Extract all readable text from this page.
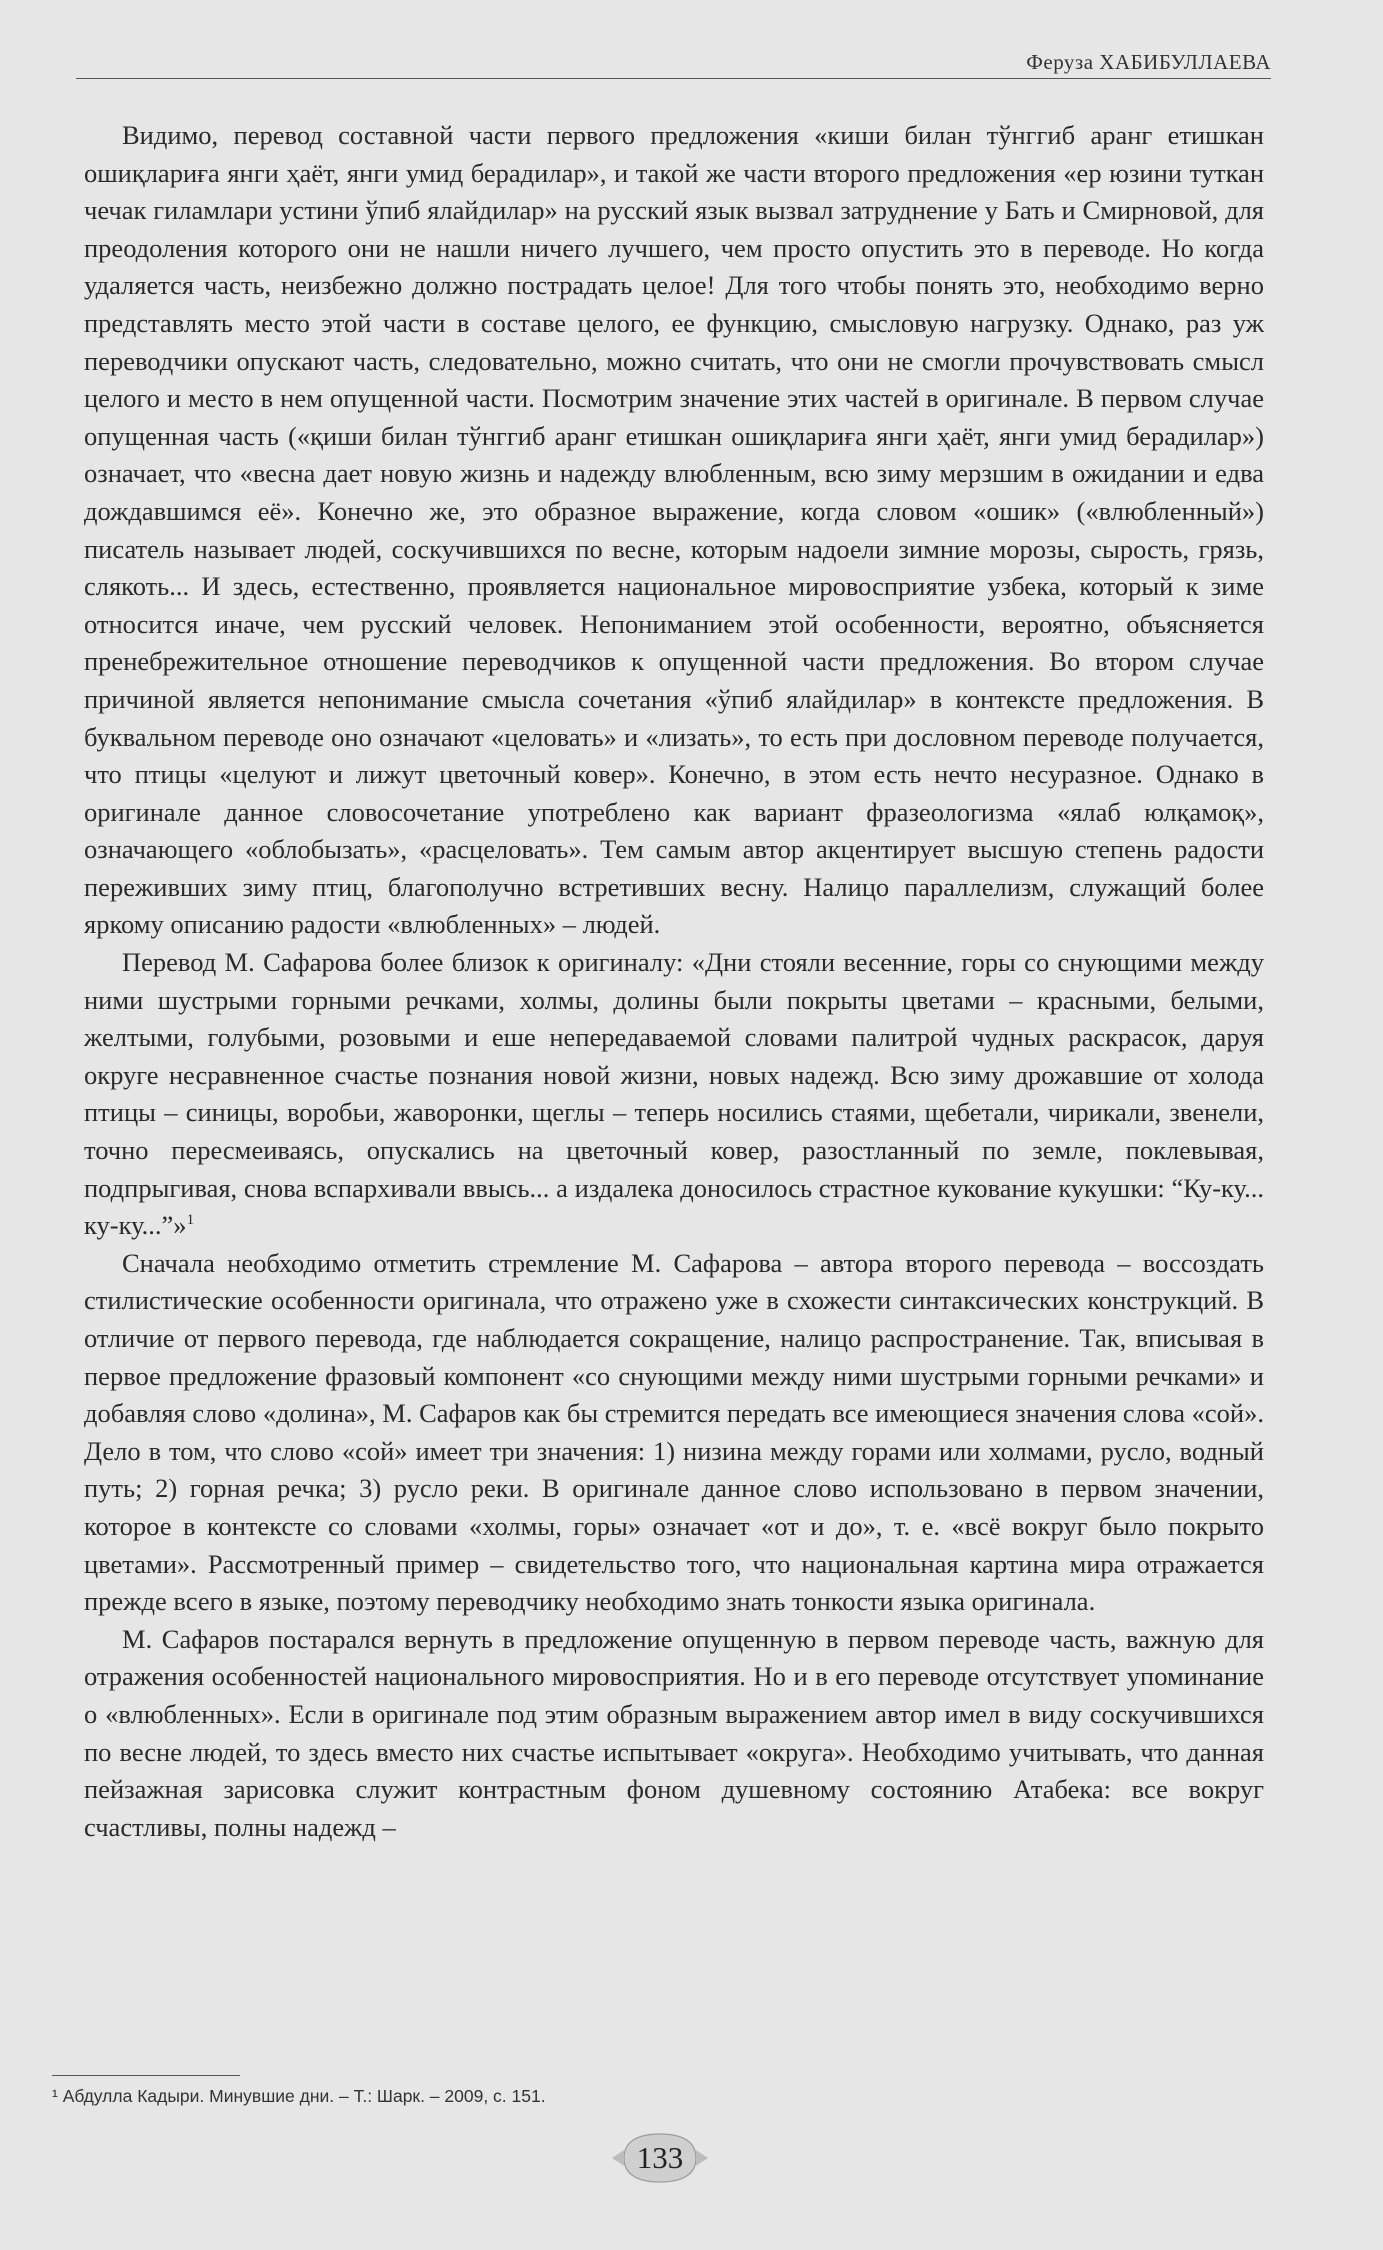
Феруза ХАБИБУЛЛАЕВА

Видимо, перевод составной части первого предложения «киши билан тўнггиб аранг етишкан ошиқлариға янги ҳаёт, янги умид берадилар», и такой же части второго предложения «ер юзини туткан чечак гиламлари устини ўпиб ялайдилар» на русский язык вызвал затруднение у Бать и Смирновой, для преодоления которого они не нашли ничего лучшего, чем просто опустить это в переводе. Но когда удаляется часть, неизбежно должно пострадать целое! Для того чтобы понять это, необходимо верно представлять место этой части в составе целого, ее функцию, смысловую нагрузку. Однако, раз уж переводчики опускают часть, следовательно, можно считать, что они не смогли прочувствовать смысл целого и место в нем опущенной части. Посмотрим значение этих частей в оригинале. В первом случае опущенная часть («қиши билан тўнггиб аранг етишкан ошиқлариға янги ҳаёт, янги умид берадилар») означает, что «весна дает новую жизнь и надежду влюбленным, всю зиму мерзшим в ожидании и едва дождавшимся её». Конечно же, это образное выражение, когда словом «ошик» («влюбленный») писатель называет людей, соскучившихся по весне, которым надоели зимние морозы, сырость, грязь, слякоть... И здесь, естественно, проявляется национальное мировосприятие узбека, который к зиме относится иначе, чем русский человек. Непониманием этой особенности, вероятно, объясняется пренебрежительное отношение переводчиков к опущенной части предложения. Во втором случае причиной является непонимание смысла сочетания «ўпиб ялайдилар» в контексте предложения. В буквальном переводе оно означают «целовать» и «лизать», то есть при дословном переводе получается, что птицы «целуют и лижут цветочный ковер». Конечно, в этом есть нечто несуразное. Однако в оригинале данное словосочетание употреблено как вариант фразеологизма «ялаб юлқамоқ», означающего «облобызать», «расцеловать». Тем самым автор акцентирует высшую степень радости переживших зиму птиц, благополучно встретивших весну. Налицо параллелизм, служащий более яркому описанию радости «влюбленных» – людей.

Перевод М. Сафарова более близок к оригиналу: «Дни стояли весенние, горы со снующими между ними шустрыми горными речками, холмы, долины были покрыты цветами – красными, белыми, желтыми, голубыми, розовыми и еше непередаваемой словами палитрой чудных раскрасок, даруя округе несравненное счастье познания новой жизни, новых надежд. Всю зиму дрожавшие от холода птицы – синицы, воробьи, жаворонки, щеглы – теперь носились стаями, щебетали, чирикали, звенели, точно пересмеиваясь, опускались на цветочный ковер, разостланный по земле, поклевывая, подпрыгивая, снова вспархивали ввысь... а издалека доносилось страстное кукование кукушки: “Ку-ку... ку-ку...”»$^1$

Сначала необходимо отметить стремление М. Сафарова – автора второго перевода – воссоздать стилистические особенности оригинала, что отражено уже в схожести синтаксических конструкций. В отличие от первого перевода, где наблюдается сокращение, налицо распространение. Так, вписывая в первое предложение фразовый компонент «со снующими между ними шустрыми горными речками» и добавляя слово «долина», М. Сафаров как бы стремится передать все имеющиеся значения слова «сой». Дело в том, что слово «сой» имеет три значения: 1) низина между горами или холмами, русло, водный путь; 2) горная речка; 3) русло реки. В оригинале данное слово использовано в первом значении, которое в контексте со словами «холмы, горы» означает «от и до», т. е. «всё вокруг было покрыто цветами». Рассмотренный пример – свидетельство того, что национальная картина мира отражается прежде всего в языке, поэтому переводчику необходимо знать тонкости языка оригинала.

М. Сафаров постарался вернуть в предложение опущенную в первом переводе часть, важную для отражения особенностей национального мировосприятия. Но и в его переводе отсутствует упоминание о «влюбленных». Если в оригинале под этим образным выражением автор имел в виду соскучившихся по весне людей, то здесь вместо них счастье испытывает «округа». Необходимо учитывать, что данная пейзажная зарисовка служит контрастным фоном душевному состоянию Атабека: все вокруг счастливы, полны надежд –

¹ Абдулла Кадыри. Минувшие дни. – Т.: Шарк. – 2009, с. 151.
133
